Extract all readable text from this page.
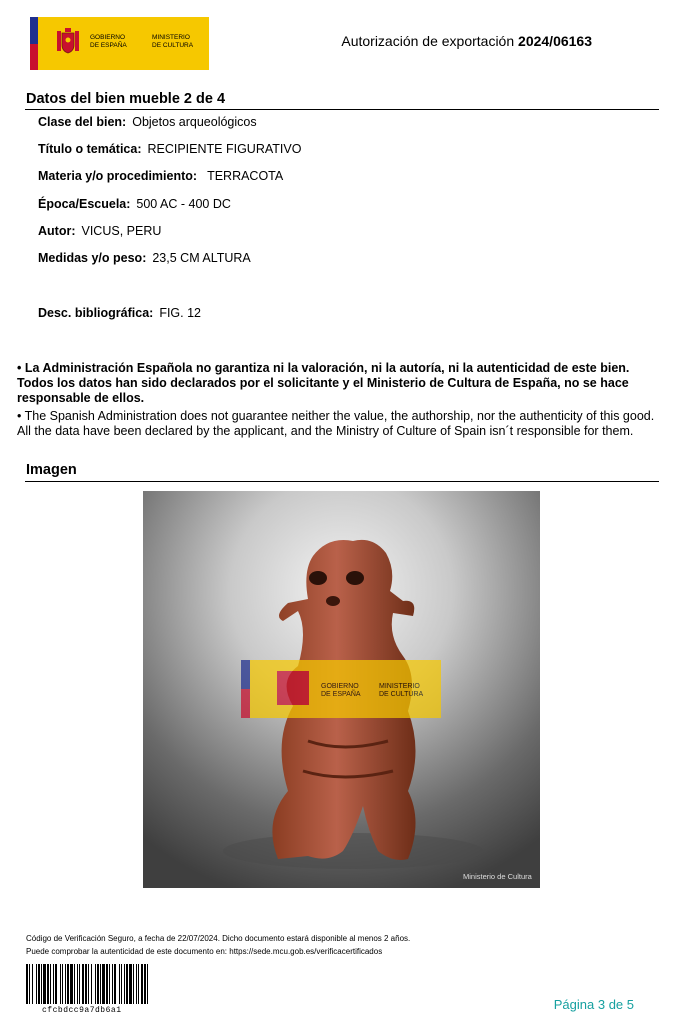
★
★
★
GOBIERNO
DE ESPAÑA
MINISTERIO
DE CULTURA	Autorización de exportación 2024/06163
Datos del bien mueble 2 de 4
Clase del bien: Objetos arqueológicos
Título o temática: RECIPIENTE FIGURATIVO
Materia y/o procedimiento: TERRACOTA
Época/Escuela: 500 AC - 400 DC
Autor: VICUS, PERU
Medidas y/o peso: 23,5 CM ALTURA
Desc. bibliográfica: FIG. 12
• La Administración Española no garantiza ni la valoración, ni la autoría, ni la autenticidad de este bien. Todos los datos han sido declarados por el solicitante y el Ministerio de Cultura de España, no se hace responsable de ellos.
• The Spanish Administration does not guarantee neither the value, the authorship, nor the authenticity of this good. All the data have been declared by the applicant, and the Ministry of Culture of Spain isn´t responsible for them.
Imagen
GOBIERNO
DE ESPAÑA
MINISTERIO
DE CULTURA
Ministerio de Cultura
Código de Verificación Seguro, a fecha de 22/07/2024. Dicho documento estará disponible al menos 2 años.
Puede comprobar la autenticidad de este documento en: https://sede.mcu.gob.es/verificacertificados
cfcbdcc9a7db6a1	Página 3 de 5
